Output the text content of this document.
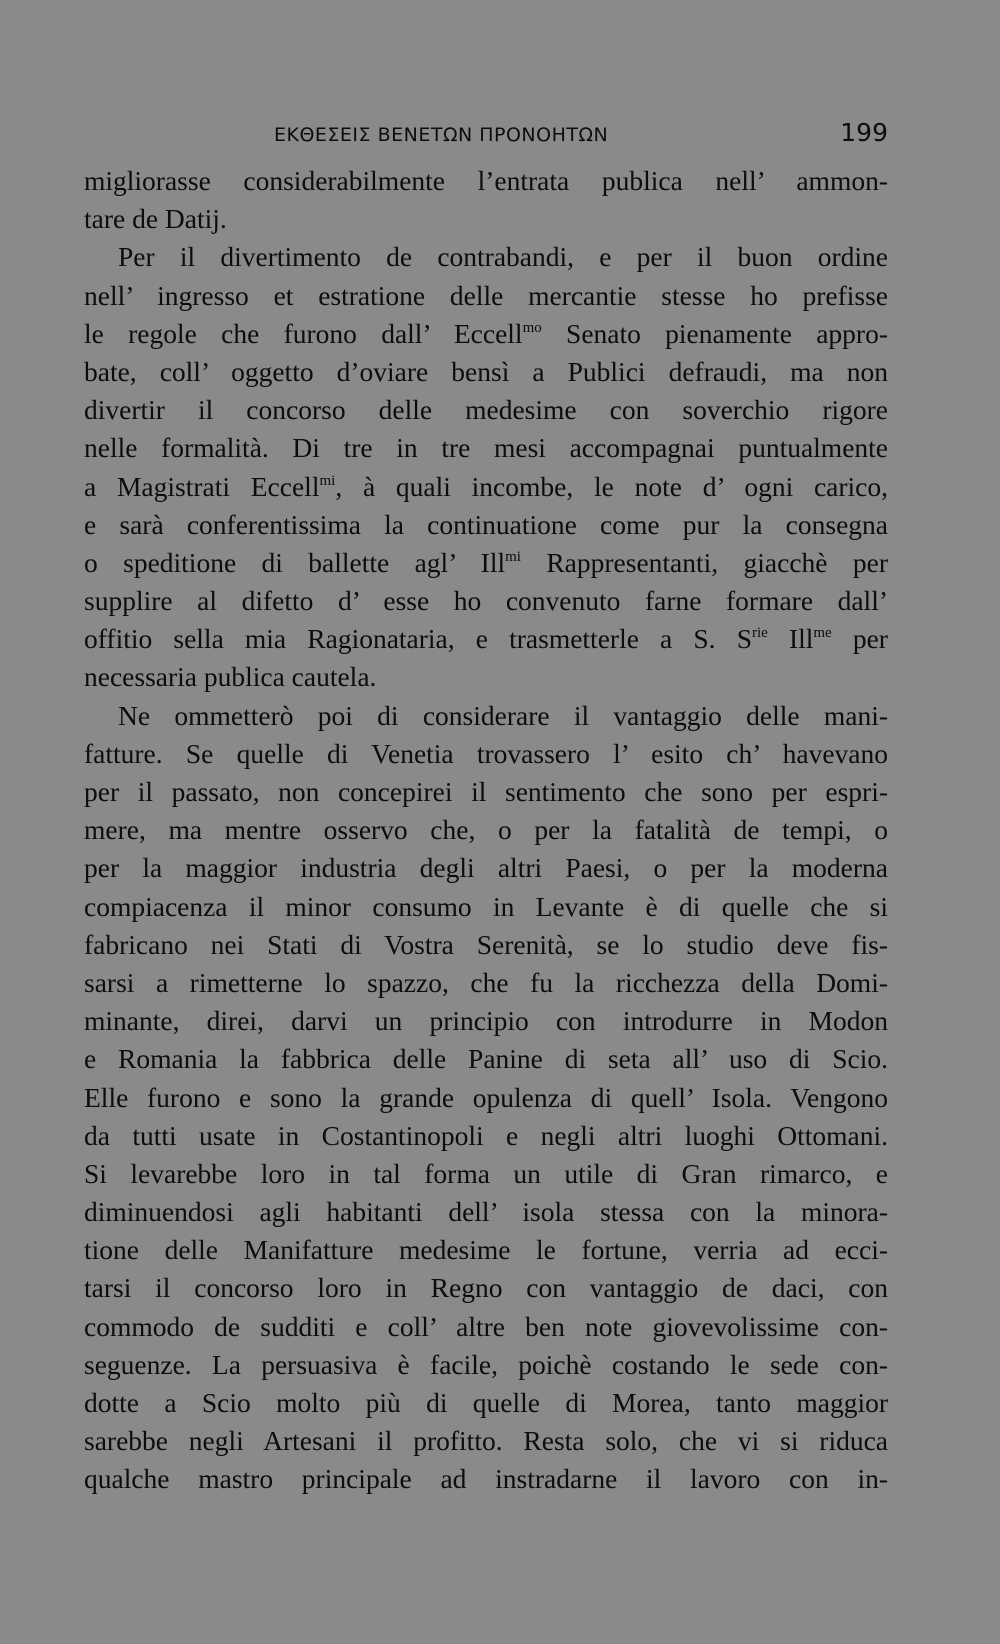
ΕΚΘΕΣΕΙΣ ΒΕΝΕΤΩΝ ΠΡΟΝΟΗΤΩΝ	199
migliorasse considerabilmente l’entrata publica nell’ ammon-
tare de Datij.
Per il divertimento de contrabandi, e per il buon ordine
nell’ ingresso et estratione delle mercantie stesse ho prefisse
le regole che furono dall’ Eccell$^{mo}$ Senato pienamente appro-
bate, coll’ oggetto d’oviare bensì a Publici defraudi, ma non
divertir il concorso delle medesime con soverchio rigore
nelle formalità. Di tre in tre mesi accompagnai puntualmente
a Magistrati Eccell$^{mi}$, à quali incombe, le note d’ ogni carico,
e sarà conferentissima la continuatione come pur la consegna
o speditione di ballette agl’ Ill$^{mi}$ Rappresentanti, giacchè per
supplire al difetto d’ esse ho convenuto farne formare dall’
offitio sella mia Ragionataria, e trasmetterle a S. $S^{rie}$ Ill$^{me}$ per
necessaria publica cautela.
Ne ommetterò poi di considerare il vantaggio delle mani-
fatture. Se quelle di Venetia trovassero l’ esito ch’ havevano
per il passato, non concepirei il sentimento che sono per espri-
mere, ma mentre osservo che, o per la fatalità de tempi, o
per la maggior industria degli altri Paesi, o per la moderna
compiacenza il minor consumo in Levante è di quelle che si
fabricano nei Stati di Vostra Serenità, se lo studio deve fis-
sarsi a rimetterne lo spazzo, che fu la ricchezza della Domi-
minante, direi, darvi un principio con introdurre in Modon
e Romania la fabbrica delle Panine di seta all’ uso di Scio.
Elle furono e sono la grande opulenza di quell’ Isola. Vengono
da tutti usate in Costantinopoli e negli altri luoghi Ottomani.
Si levarebbe loro in tal forma un utile di Gran rimarco, e
diminuendosi agli habitanti dell’ isola stessa con la minora-
tione delle Manifatture medesime le fortune, verria ad ecci-
tarsi il concorso loro in Regno con vantaggio de daci, con
commodo de sudditi e coll’ altre ben note giovevolissime con-
seguenze. La persuasiva è facile, poichè costando le sede con-
dotte a Scio molto più di quelle di Morea, tanto maggior
sarebbe negli Artesani il profitto. Resta solo, che vi si riduca
qualche mastro principale ad instradarne il lavoro con in-
